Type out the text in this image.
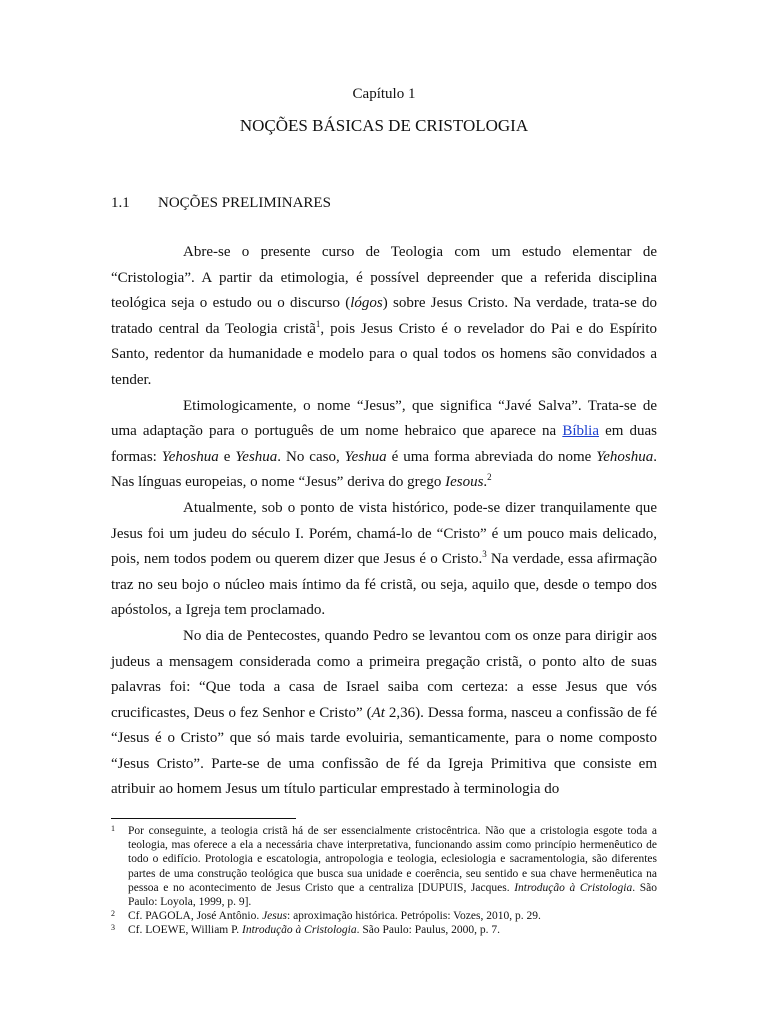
Capítulo 1
NOÇÕES BÁSICAS DE CRISTOLOGIA
1.1 NOÇÕES PRELIMINARES

Abre-se o presente curso de Teologia com um estudo elementar de “Cristologia”. A partir da etimologia, é possível depreender que a referida disciplina teológica seja o estudo ou o discurso (lógos) sobre Jesus Cristo. Na verdade, trata-se do tratado central da Teologia cristã$^1$, pois Jesus Cristo é o revelador do Pai e do Espírito Santo, redentor da humanidade e modelo para o qual todos os homens são convidados a tender.

Etimologicamente, o nome “Jesus”, que significa “Javé Salva”. Trata-se de uma adaptação para o português de um nome hebraico que aparece na Bíblia em duas formas: Yehoshua e Yeshua. No caso, Yeshua é uma forma abreviada do nome Yehoshua. Nas línguas europeias, o nome “Jesus” deriva do grego Iesous.$^2$

Atualmente, sob o ponto de vista histórico, pode-se dizer tranquilamente que Jesus foi um judeu do século I. Porém, chamá-lo de “Cristo” é um pouco mais delicado, pois, nem todos podem ou querem dizer que Jesus é o Cristo.$^3$ Na verdade, essa afirmação traz no seu bojo o núcleo mais íntimo da fé cristã, ou seja, aquilo que, desde o tempo dos apóstolos, a Igreja tem proclamado.

No dia de Pentecostes, quando Pedro se levantou com os onze para dirigir aos judeus a mensagem considerada como a primeira pregação cristã, o ponto alto de suas palavras foi: “Que toda a casa de Israel saiba com certeza: a esse Jesus que vós crucificastes, Deus o fez Senhor e Cristo” (At 2,36). Dessa forma, nasceu a confissão de fé “Jesus é o Cristo” que só mais tarde evoluiria, semanticamente, para o nome composto “Jesus Cristo”. Parte-se de uma confissão de fé da Igreja Primitiva que consiste em atribuir ao homem Jesus um título particular emprestado à terminologia do

1	Por conseguinte, a teologia cristã há de ser essencialmente cristocêntrica. Não que a cristologia esgote toda a teologia, mas oferece a ela a necessária chave interpretativa, funcionando assim como princípio hermenêutico de todo o edifício. Protologia e escatologia, antropologia e teologia, eclesiologia e sacramentologia, são diferentes partes de uma construção teológica que busca sua unidade e coerência, seu sentido e sua chave hermenêutica na pessoa e no acontecimento de Jesus Cristo que a centraliza [DUPUIS, Jacques. Introdução à Cristologia. São Paulo: Loyola, 1999, p. 9].
2	Cf. PAGOLA, José Antônio. Jesus: aproximação histórica. Petrópolis: Vozes, 2010, p. 29.
3	Cf. LOEWE, William P. Introdução à Cristologia. São Paulo: Paulus, 2000, p. 7.
